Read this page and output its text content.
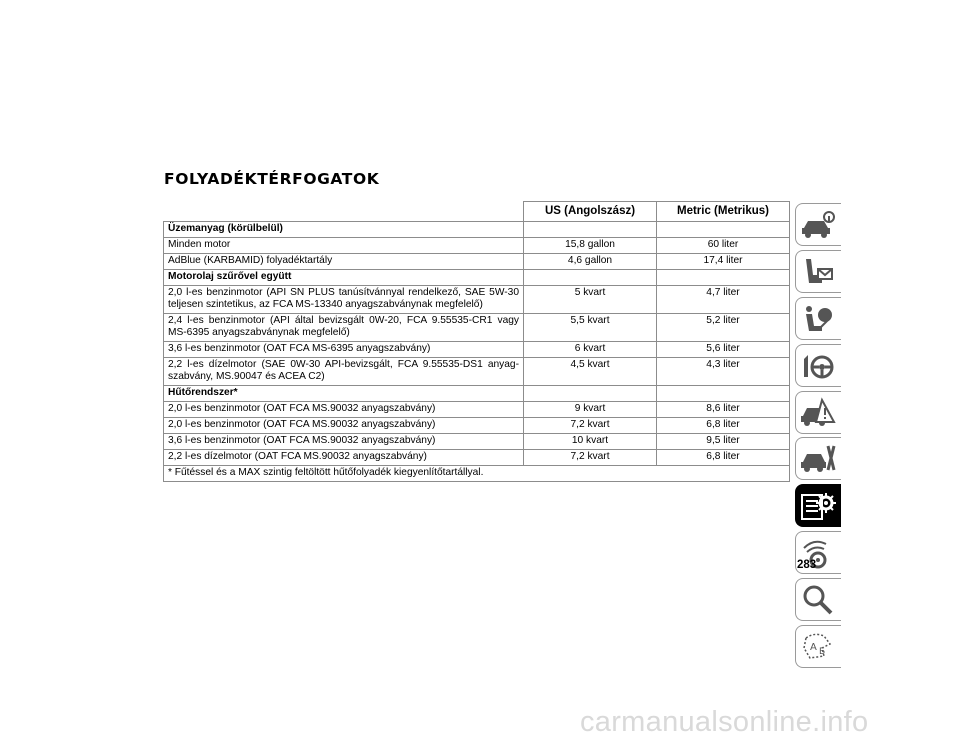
FOLYADÉKTÉRFOGATOK
	US (Angolszász)	Metric (Metrikus)
Üzemanyag (körülbelül)		
Minden motor	15,8 gallon	60 liter
AdBlue (KARBAMID) folyadéktartály	4,6 gallon	17,4 liter
Motorolaj szűrővel együtt		
2,0 l-es benzinmotor (API SN PLUS tanúsítvánnyal rendelkező, SAE 5W-30 teljesen szintetikus, az FCA MS-13340 anyagszabványnak megfelelő)	5 kvart	4,7 liter
2,4 l-es benzinmotor (API által bevizsgált 0W-20, FCA 9.55535-CR1 vagy MS-6395 anyagszabványnak megfelelő)	5,5 kvart	5,2 liter
3,6 l-es benzinmotor (OAT FCA MS-6395 anyagszabvány)	6 kvart	5,6 liter
2,2 l-es dízelmotor (SAE 0W-30 API-bevizsgált, FCA 9.55535-DS1 anyag-szabvány, MS.90047 és ACEA C2)	4,5 kvart	4,3 liter
Hűtőrendszer*		
2,0 l-es benzinmotor (OAT FCA MS.90032 anyagszabvány)	9 kvart	8,6 liter
2,0 l-es benzinmotor (OAT FCA MS.90032 anyagszabvány)	7,2 kvart	6,8 liter
3,6 l-es benzinmotor (OAT FCA MS.90032 anyagszabvány)	10 kvart	9,5 liter
2,2 l-es dízelmotor (OAT FCA MS.90032 anyagszabvány)	7,2 kvart	6,8 liter
* Fűtéssel és a MAX szintig feltöltött hűtőfolyadék kiegyenlítőtartállyal.		
A Б
283
carmanualsonline.info
